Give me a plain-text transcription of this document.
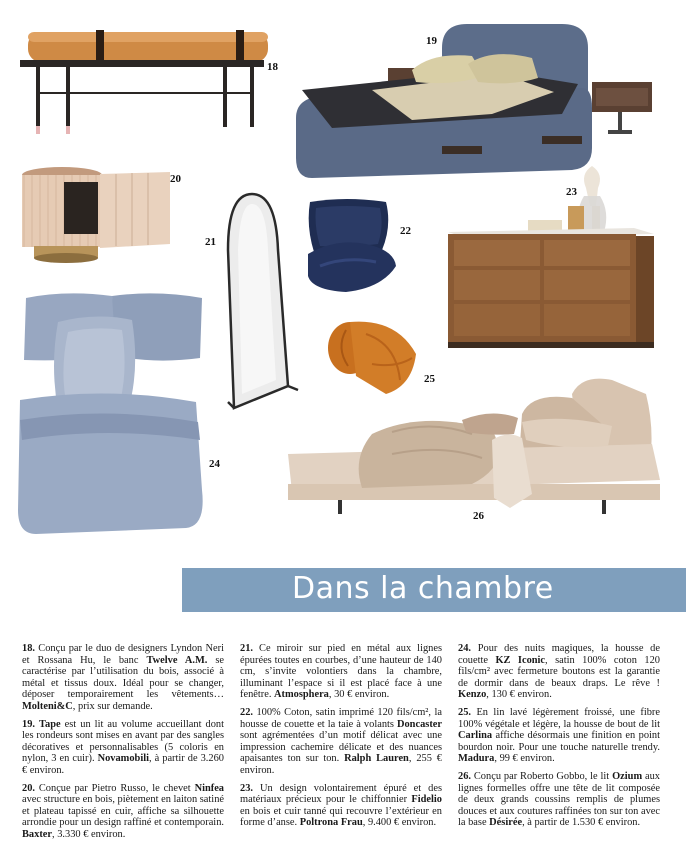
18
19
20
21
22
23
24
25
26
Dans la chambre

18. Conçu par le duo de designers Lyndon Neri et Rossana Hu, le banc Twelve A.M. se caractérise par l’utilisation du bois, associé à métal et tissus doux. Idéal pour se changer, déposer temporairement les vêtements… Molteni&C, prix sur demande.

19. Tape est un lit au volume accueillant dont les rondeurs sont mises en avant par des sangles décoratives et personnalisables (5 coloris en nylon, 3 en cuir). Novamobili, à partir de 3.260 € environ.

20. Conçue par Pietro Russo, le chevet Ninfea avec structure en bois, piètement en laiton satiné et plateau tapissé en cuir, affiche sa silhouette arrondie pour un design raffiné et contemporain. Baxter, 3.330 € environ.

21. Ce miroir sur pied en métal aux lignes épurées toutes en courbes, d’une hauteur de 140 cm, s’invite volontiers dans la chambre, illuminant l’espace si il est placé face à une fenêtre. Atmosphera, 30 € environ.

22. 100% Coton, satin imprimé 120 fils/cm², la housse de couette et la taie à volants Doncaster sont agrémentées d’un motif délicat avec une impression cachemire délicate et des nuances apaisantes ton sur ton. Ralph Lauren, 255 € environ.

23. Un design volontairement épuré et des matériaux précieux pour le chiffonnier Fidelio en bois et cuir tanné qui recouvre l’extérieur en forme d’anse. Poltrona Frau, 9.400 € environ.

24. Pour des nuits magiques, la housse de couette KZ Iconic, satin 100% coton 120 fils/cm² avec fermeture boutons est la garantie de dormir dans de beaux draps. Le rêve ! Kenzo, 130 € environ.

25. En lin lavé légèrement froissé, une fibre 100% végétale et légère, la housse de bout de lit Carlina affiche désormais une finition en point bourdon noir. Pour une touche naturelle trendy. Madura, 99 € environ.

26. Conçu par Roberto Gobbo, le lit Ozium aux lignes formelles offre une tête de lit composée de deux grands coussins remplis de plumes douces et aux coutures raffinées ton sur ton avec la base Désirée, à partir de 1.530 € environ.
